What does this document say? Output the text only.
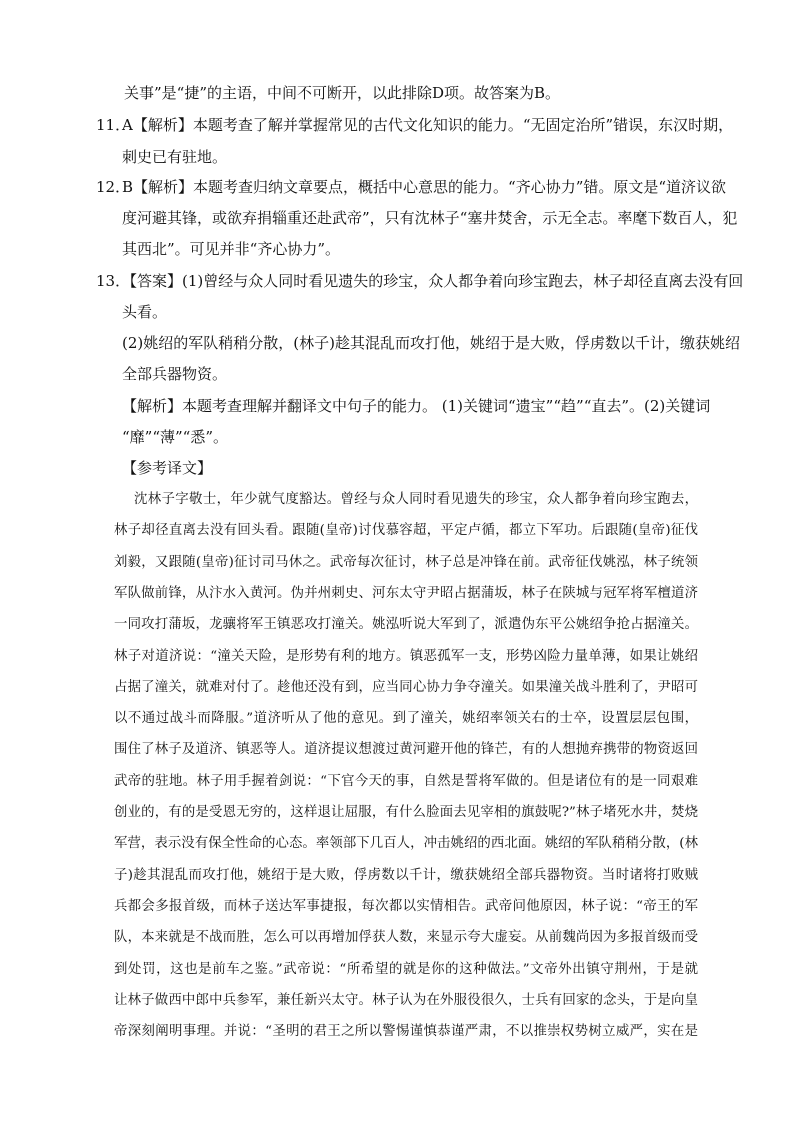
关事”是“捷”的主语，中间不可断开，以此排除D项。故答案为B。
11．
A【解析】本题考查了解并掌握常见的古代文化知识的能力。“无固定治所”错误，东汉时期，
刺史已有驻地。
12．
B【解析】本题考查归纳文章要点，概括中心意思的能力。“齐心协力”错。原文是“道济议欲
度河避其锋，或欲弃捐辎重还赴武帝”，只有沈林子“塞井焚舍，示无全志。率麾下数百人，犯
其西北”。可见并非“齐心协力”。
13．
【答案】(1)曾经与众人同时看见遗失的珍宝，众人都争着向珍宝跑去，林子却径直离去没有回
头看。
(2)姚绍的军队稍稍分散，(林子)趁其混乱而攻打他，姚绍于是大败，俘虏数以千计，缴获姚绍
全部兵器物资。
【解析】本题考查理解并翻译文中句子的能力。 (1)关键词“遗宝”“趋”“直去”。(2)关键词
“靡”“薄”“悉”。
【参考译文】
沈林子字敬士，年少就气度豁达。曾经与众人同时看见遗失的珍宝，众人都争着向珍宝跑去，
林子却径直离去没有回头看。跟随(皇帝)讨伐慕容超，平定卢循，都立下军功。后跟随(皇帝)征伐
刘毅，又跟随(皇帝)征讨司马休之。武帝每次征讨，林子总是冲锋在前。武帝征伐姚泓，林子统领
军队做前锋，从汴水入黄河。伪并州刺史、河东太守尹昭占据蒲坂，林子在陕城与冠军将军檀道济
一同攻打蒲坂，龙骧将军王镇恶攻打潼关。姚泓听说大军到了，派遣伪东平公姚绍争抢占据潼关。
林子对道济说：“潼关天险，是形势有利的地方。镇恶孤军一支，形势凶险力量单薄，如果让姚绍
占据了潼关，就难对付了。趁他还没有到，应当同心协力争夺潼关。如果潼关战斗胜利了，尹昭可
以不通过战斗而降服。”道济听从了他的意见。到了潼关，姚绍率领关右的士卒，设置层层包围，
围住了林子及道济、镇恶等人。道济提议想渡过黄河避开他的锋芒，有的人想抛弃携带的物资返回
武帝的驻地。林子用手握着剑说：“下官今天的事，自然是誓将军做的。但是诸位有的是一同艰难
创业的，有的是受恩无穷的，这样退让屈服，有什么脸面去见宰相的旗鼓呢?”林子堵死水井，焚烧
军营，表示没有保全性命的心态。率领部下几百人，冲击姚绍的西北面。姚绍的军队稍稍分散，(林
子)趁其混乱而攻打他，姚绍于是大败，俘虏数以千计，缴获姚绍全部兵器物资。当时诸将打败贼
兵都会多报首级，而林子送达军事捷报，每次都以实情相告。武帝问他原因，林子说：“帝王的军
队，本来就是不战而胜，怎么可以再增加俘获人数，来显示夸大虚妄。从前魏尚因为多报首级而受
到处罚，这也是前车之鉴。”武帝说：“所希望的就是你的这种做法。”文帝外出镇守荆州，于是就
让林子做西中郎中兵参军，兼任新兴太守。林子认为在外服役很久，士兵有回家的念头，于是向皇
帝深刻阐明事理。并说：“圣明的君王之所以警惕谨慎恭谨严肃，不以推崇权势树立威严，实在是
